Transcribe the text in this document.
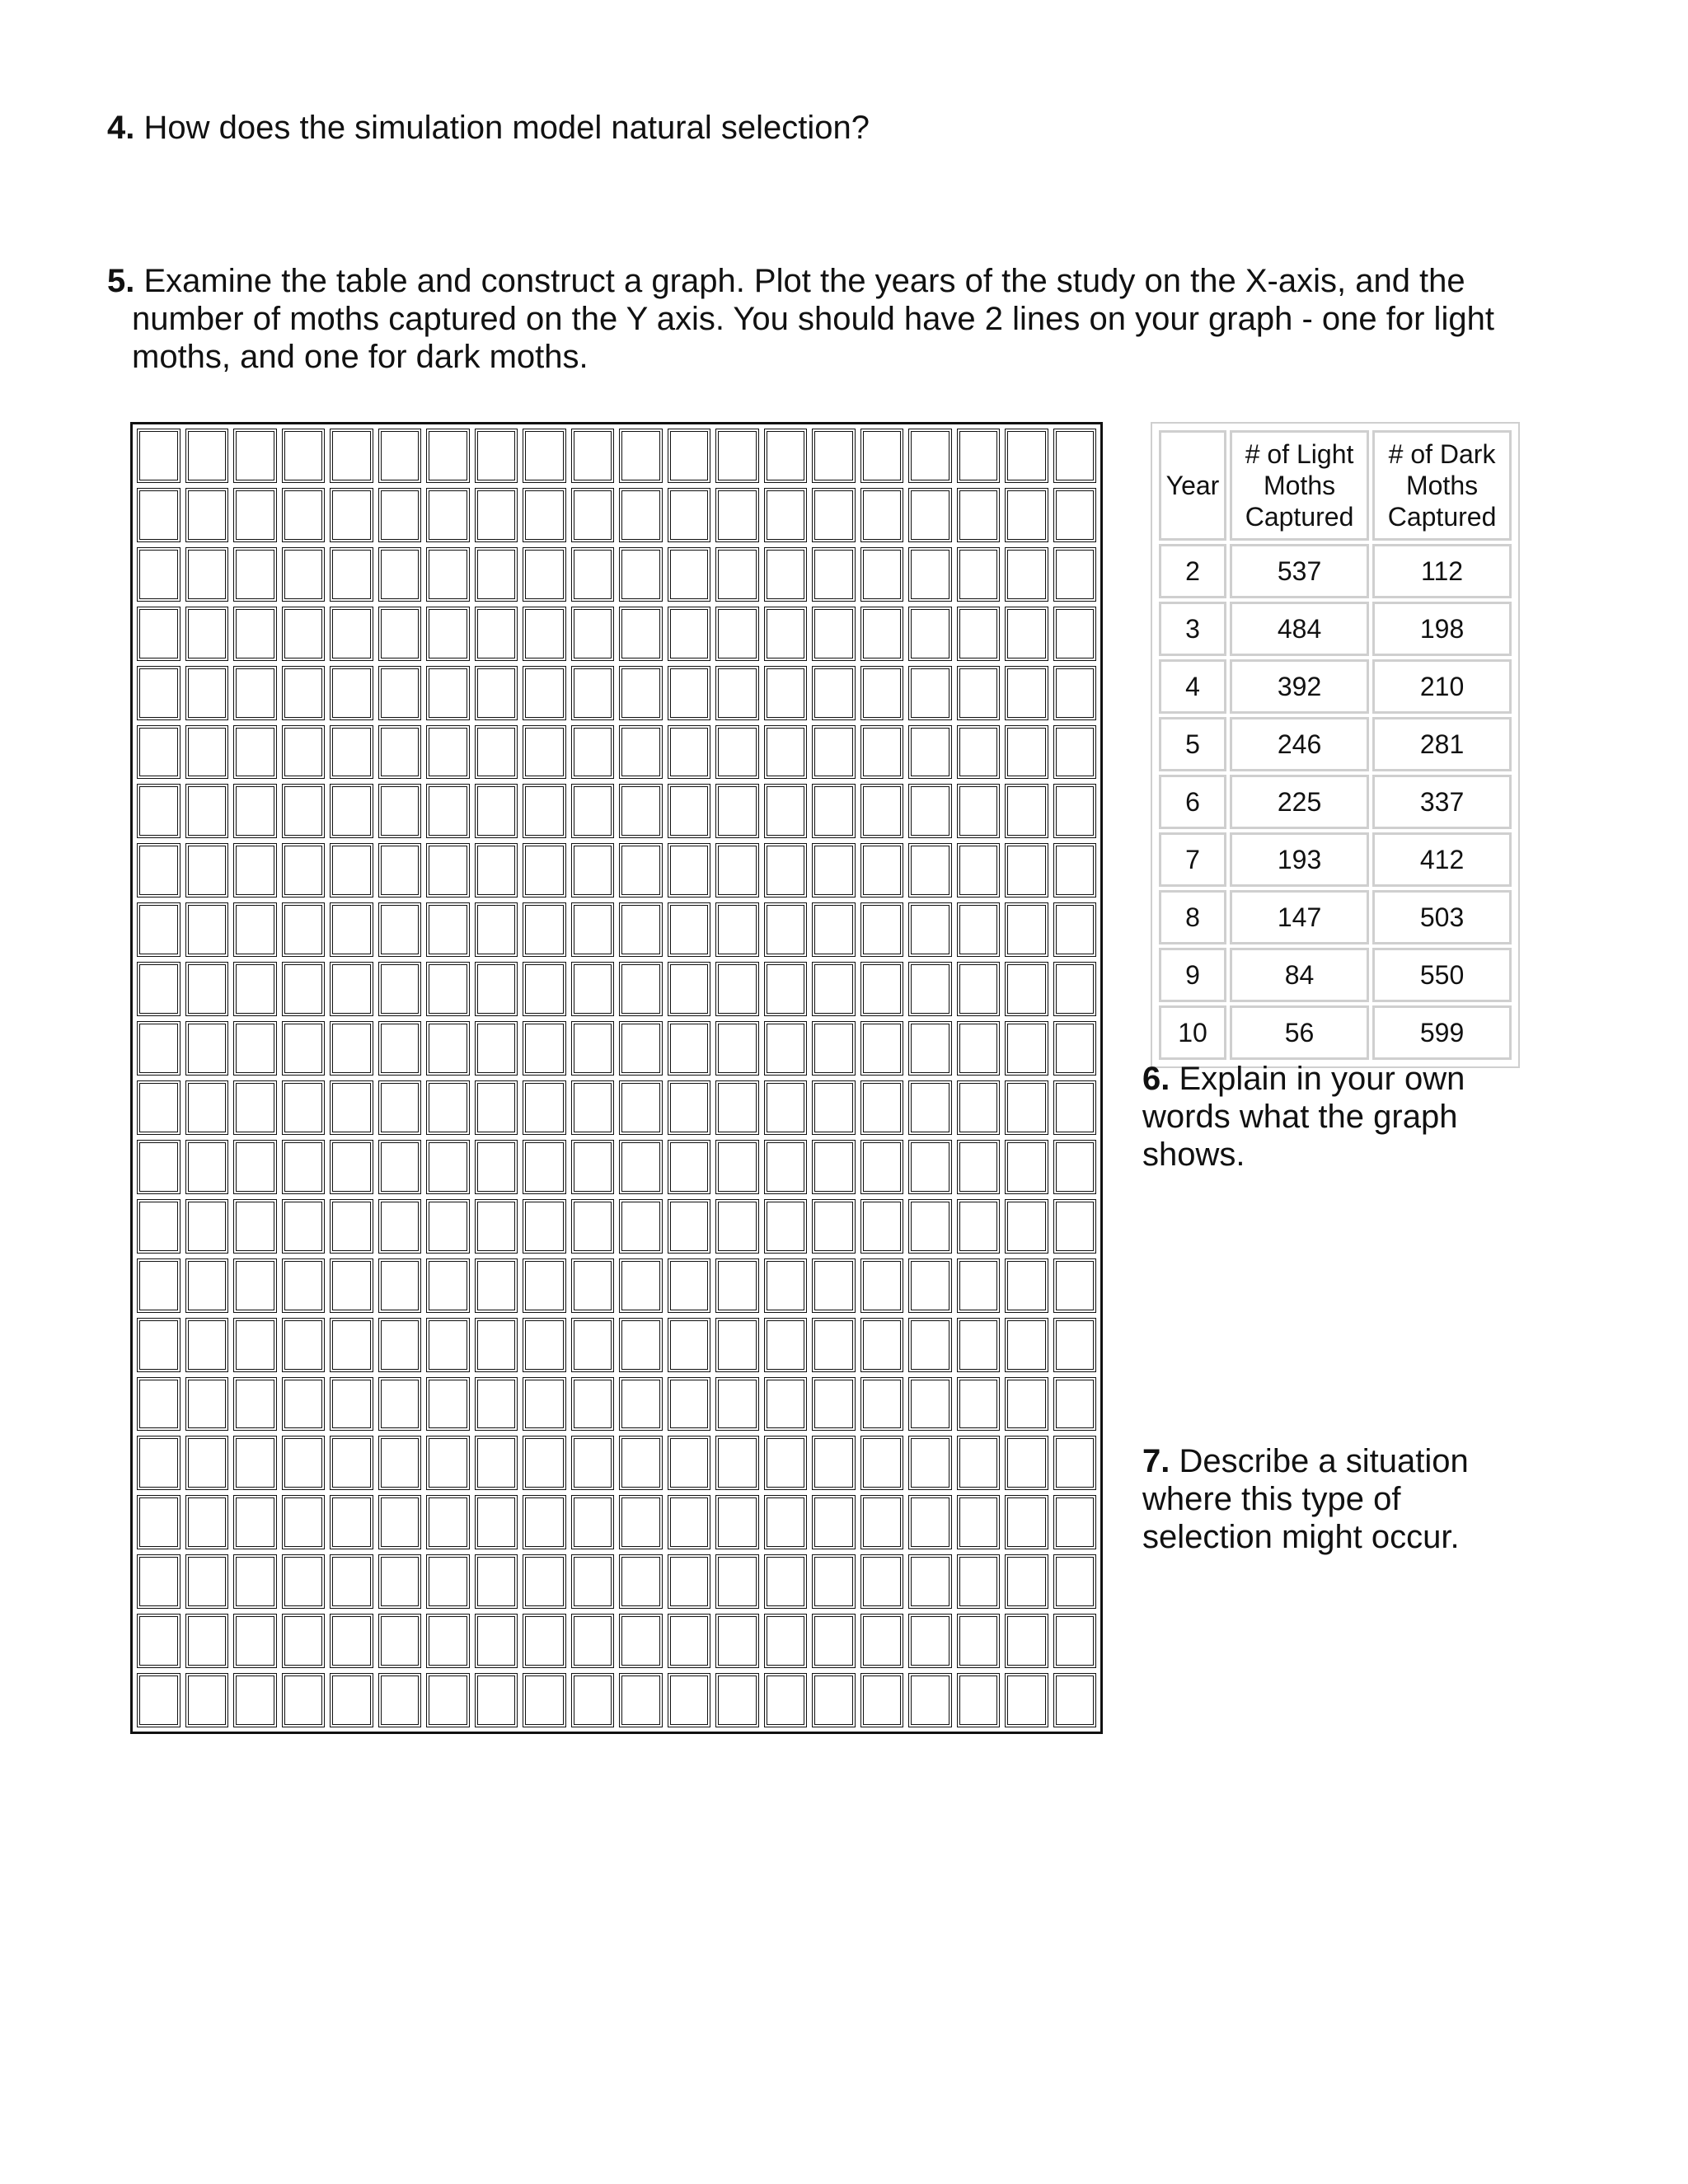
4. How does the simulation model natural selection?

5. Examine the table and construct a graph. Plot the years of the study on the X-axis, and the number of moths captured on the Y axis. You should have 2 lines on your graph - one for light moths, and one for dark moths.

Year	# of Light Moths Captured	# of Dark Moths Captured
2	537	112
3	484	198
4	392	210
5	246	281
6	225	337
7	193	412
8	147	503
9	84	550
10	56	599

6. Explain in your own words what the graph shows.

7. Describe a situation where this type of selection might occur.
